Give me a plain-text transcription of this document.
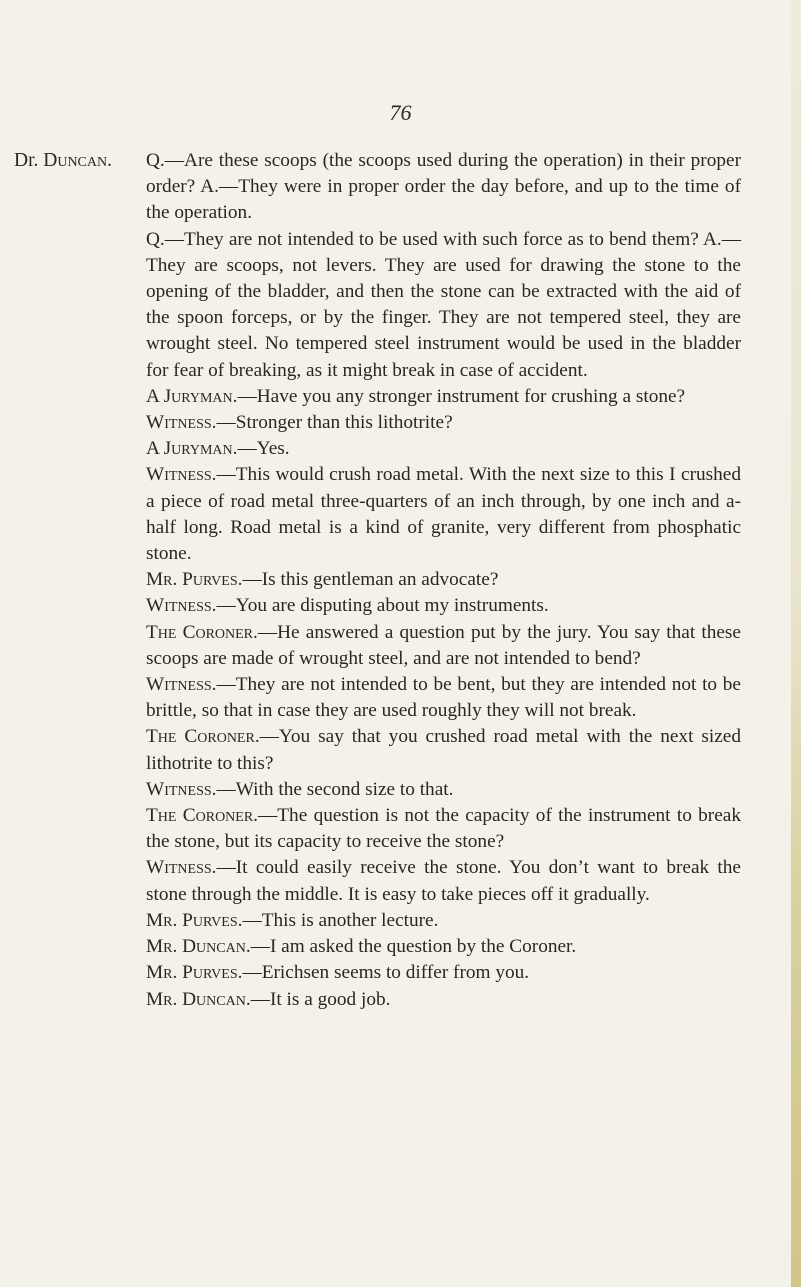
76
Dr. Duncan. Q.—Are these scoops (the scoops used during the operation) in their proper order? A.—They were in proper order the day before, and up to the time of the operation.

Q.—They are not intended to be used with such force as to bend them? A.—They are scoops, not levers. They are used for drawing the stone to the opening of the bladder, and then the stone can be extracted with the aid of the spoon forceps, or by the finger. They are not tempered steel, they are wrought steel. No tempered steel instrument would be used in the bladder for fear of breaking, as it might break in case of accident.

A Juryman.—Have you any stronger instrument for crushing a stone?

Witness.—Stronger than this lithotrite?

A Juryman.—Yes.

Witness.—This would crush road metal. With the next size to this I crushed a piece of road metal three-quarters of an inch through, by one inch and a-half long. Road metal is a kind of granite, very different from phosphatic stone.

Mr. Purves.—Is this gentleman an advocate?

Witness.—You are disputing about my instruments.

The Coroner.—He answered a question put by the jury. You say that these scoops are made of wrought steel, and are not intended to bend?

Witness.—They are not intended to be bent, but they are intended not to be brittle, so that in case they are used roughly they will not break.

The Coroner.—You say that you crushed road metal with the next sized lithotrite to this?

Witness.—With the second size to that.

The Coroner.—The question is not the capacity of the instrument to break the stone, but its capacity to receive the stone?

Witness.—It could easily receive the stone. You don’t want to break the stone through the middle. It is easy to take pieces off it gradually.

Mr. Purves.—This is another lecture.

Mr. Duncan.—I am asked the question by the Coroner.

Mr. Purves.—Erichsen seems to differ from you.

Mr. Duncan.—It is a good job.
